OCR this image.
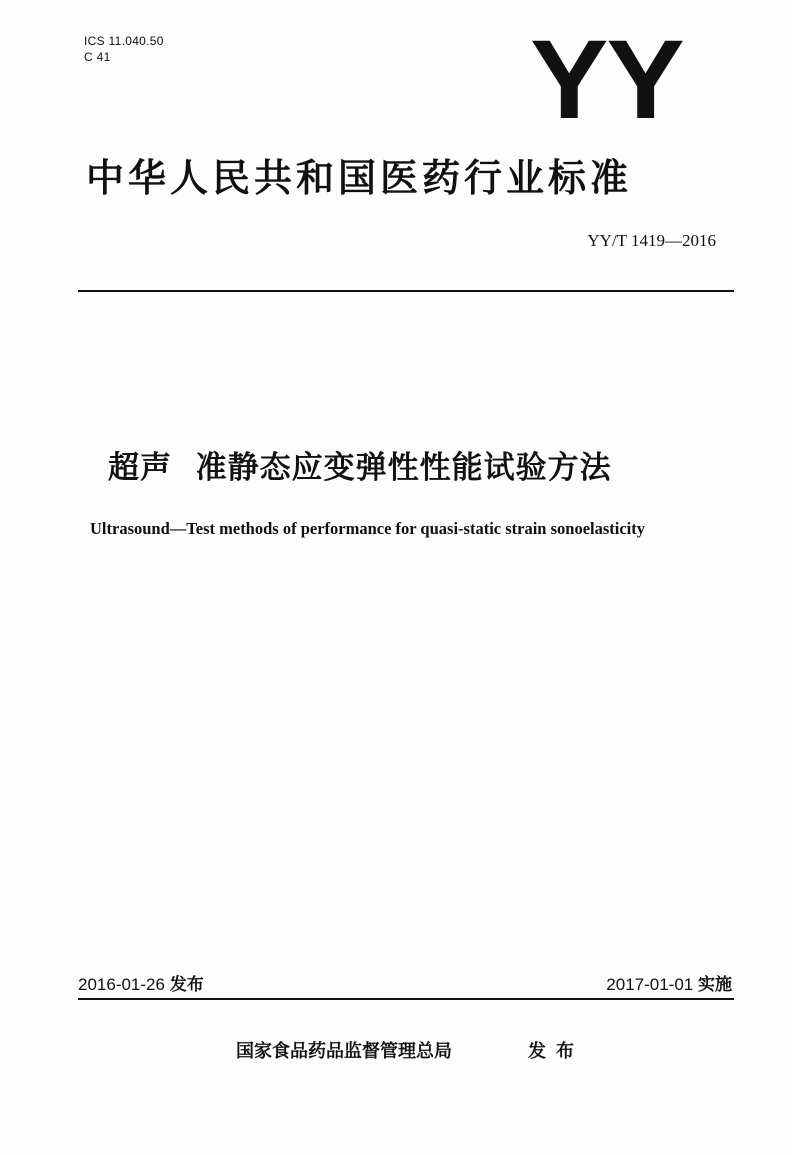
ICS 11.040.50
C 41	YY
中华人民共和国医药行业标准
YY/T 1419—2016
超声  准静态应变弹性性能试验方法
Ultrasound—Test methods of performance for quasi-static strain sonoelasticity
2016-01-26 发布	2017-01-01 实施
国家食品药品监督管理总局	发布
